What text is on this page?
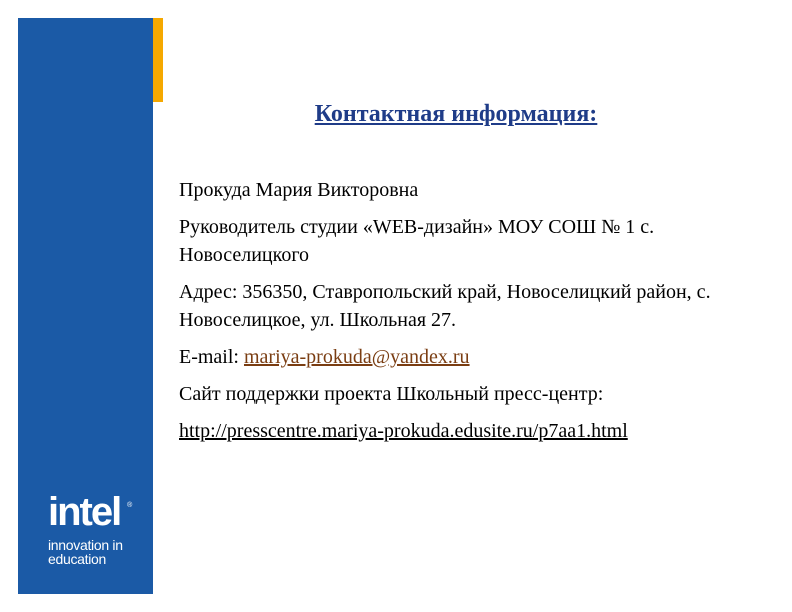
intel ®
innovation in
education
Контактная информация:

Прокуда Мария Викторовна

Руководитель студии «WEB-дизайн» МОУ СОШ № 1 с. Новоселицкого

Адрес: 356350, Ставропольский край, Новоселицкий район, с. Новоселицкое, ул. Школьная 27.

E-mail: mariya-prokuda@yandex.ru

Сайт поддержки проекта Школьный пресс-центр:

http://presscentre.mariya-prokuda.edusite.ru/p7aa1.html
